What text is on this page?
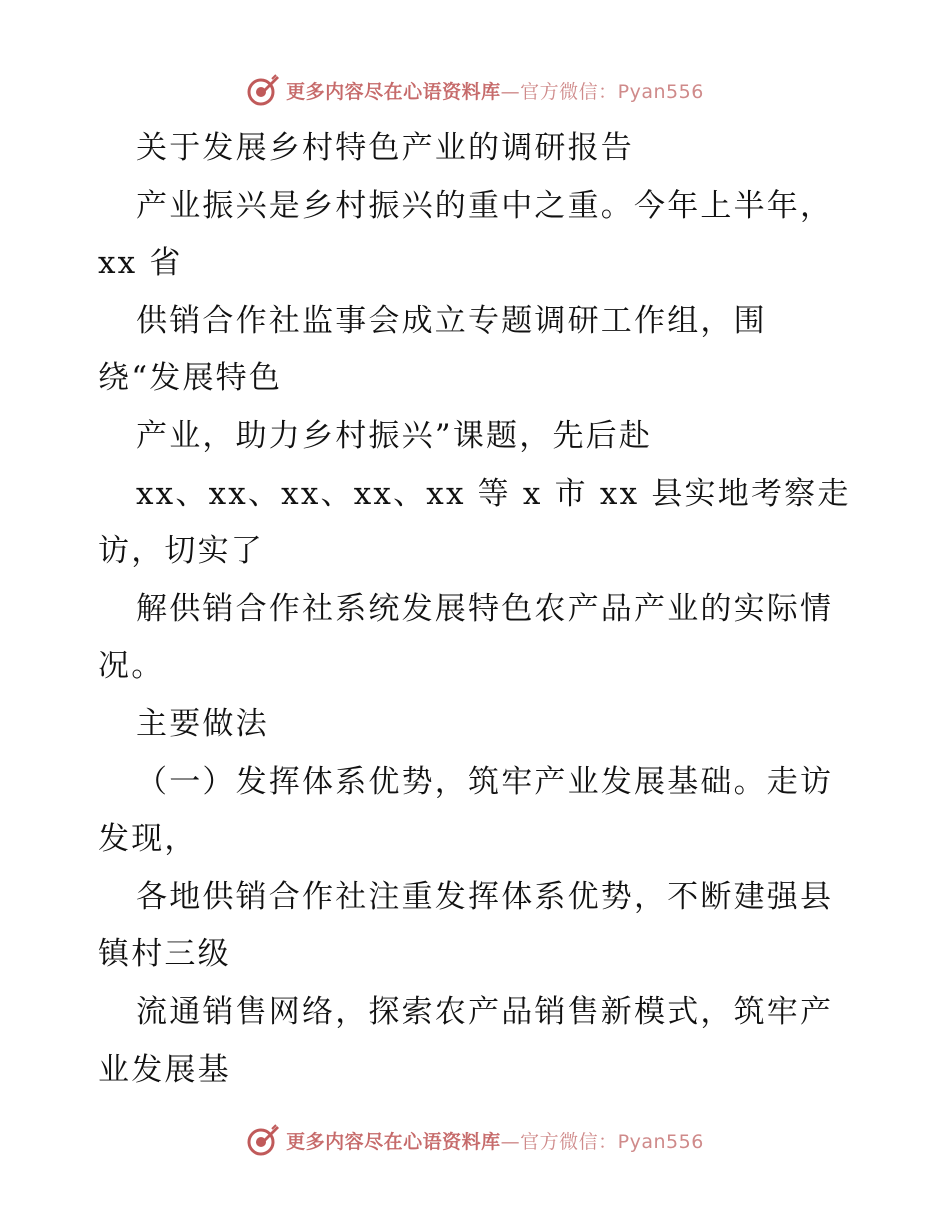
更多内容尽在心语资料库—官方微信：Pyan556
关于发展乡村特色产业的调研报告
产业振兴是乡村振兴的重中之重。今年上半年，
xx 省
供销合作社监事会成立专题调研工作组，围
绕“发展特色
产业，助力乡村振兴”课题，先后赴
xx、xx、xx、xx、xx 等 x 市 xx 县实地考察走
访，切实了
解供销合作社系统发展特色农产品产业的实际情
况。
主要做法
（一）发挥体系优势，筑牢产业发展基础。走访
发现，
各地供销合作社注重发挥体系优势，不断建强县
镇村三级
流通销售网络，探索农产品销售新模式，筑牢产
业发展基
更多内容尽在心语资料库—官方微信：Pyan556
